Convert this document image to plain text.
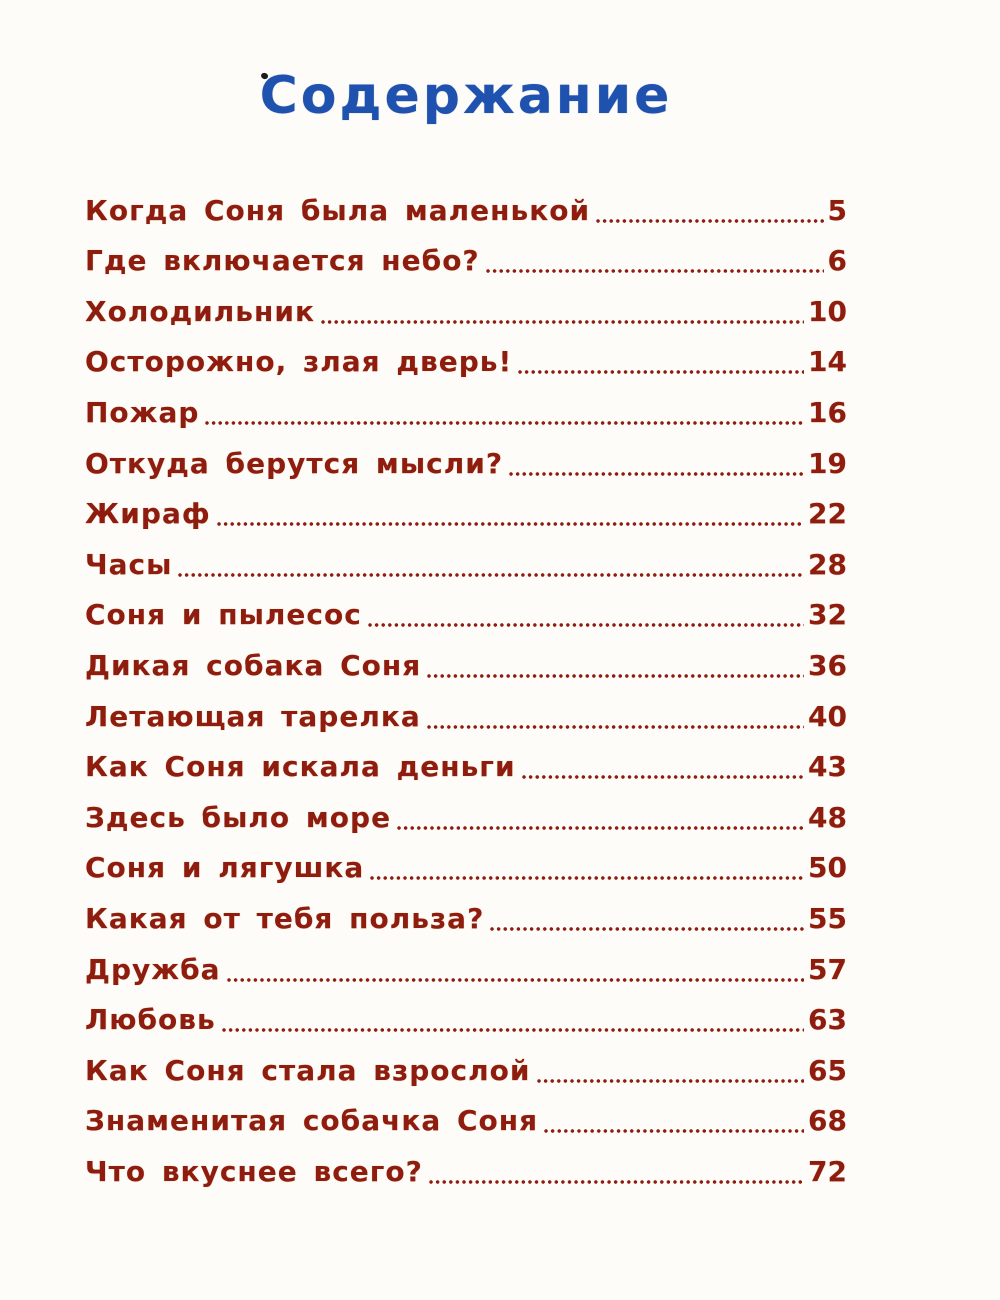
Содержание
Когда Соня была маленькой	5
Где включается небо?	6
Холодильник	10
Осторожно, злая дверь!	14
Пожар	16
Откуда берутся мысли?	19
Жираф	22
Часы	28
Соня и пылесос	32
Дикая собака Соня	36
Летающая тарелка	40
Как Соня искала деньги	43
Здесь было море	48
Соня и лягушка	50
Какая от тебя польза?	55
Дружба	57
Любовь	63
Как Соня стала взрослой	65
Знаменитая собачка Соня	68
Что вкуснее всего?	72
